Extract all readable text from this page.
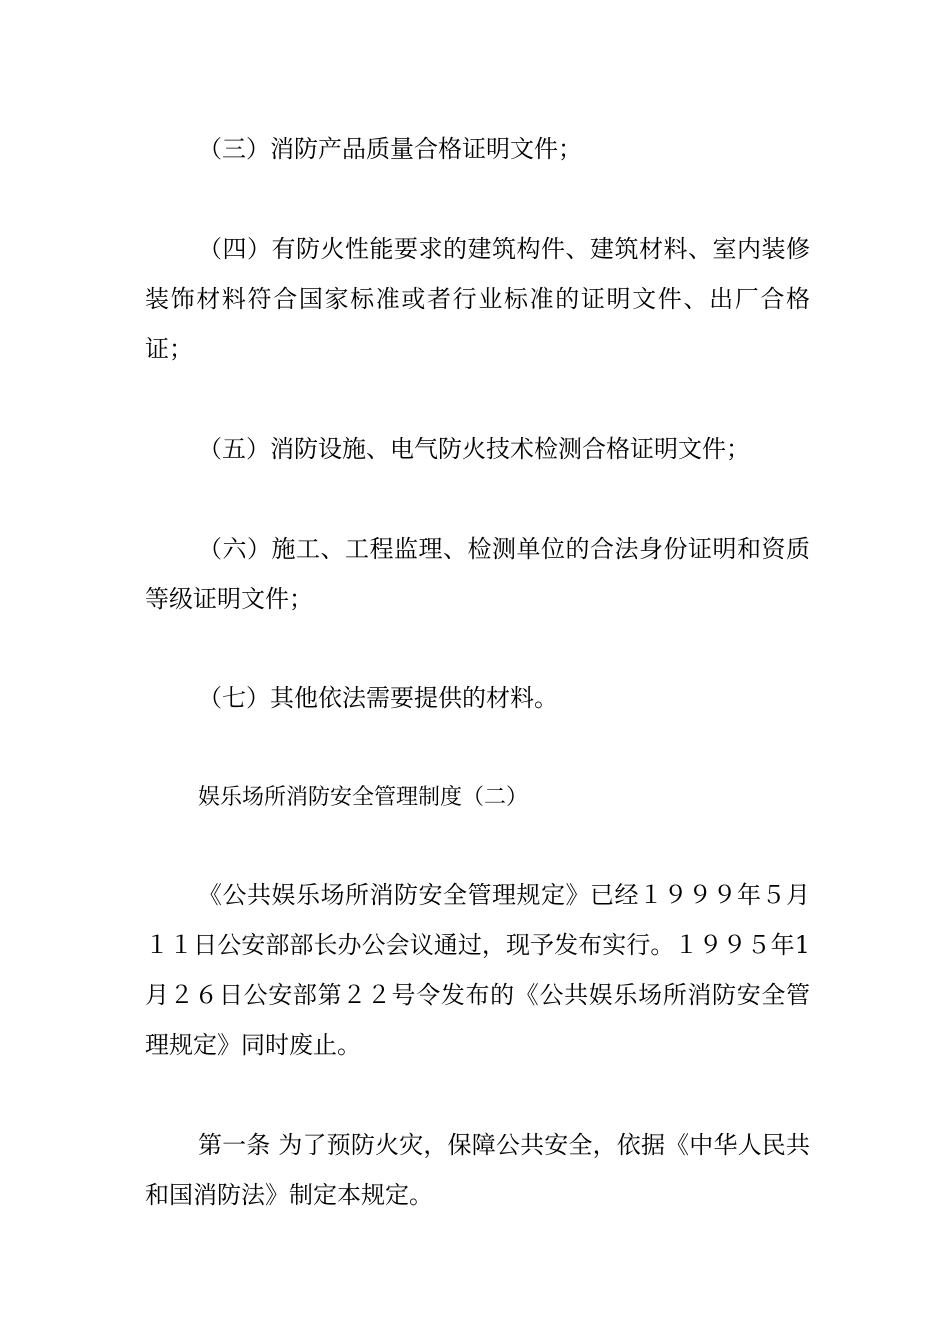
（三）消防产品质量合格证明文件；

（四）有防火性能要求的建筑构件、建筑材料、室内装修装饰材料符合国家标准或者行业标准的证明文件、出厂合格证；

（五）消防设施、电气防火技术检测合格证明文件；

（六）施工、工程监理、检测单位的合法身份证明和资质等级证明文件；

（七）其他依法需要提供的材料。

娱乐场所消防安全管理制度（二）

《公共娱乐场所消防安全管理规定》已经１９９９年５月１１日公安部部长办公会议通过，现予发布实行。１９９５年1月２６日公安部第２２号令发布的《公共娱乐场所消防安全管理规定》同时废止。

第一条 为了预防火灾，保障公共安全，依据《中华人民共和国消防法》制定本规定。
